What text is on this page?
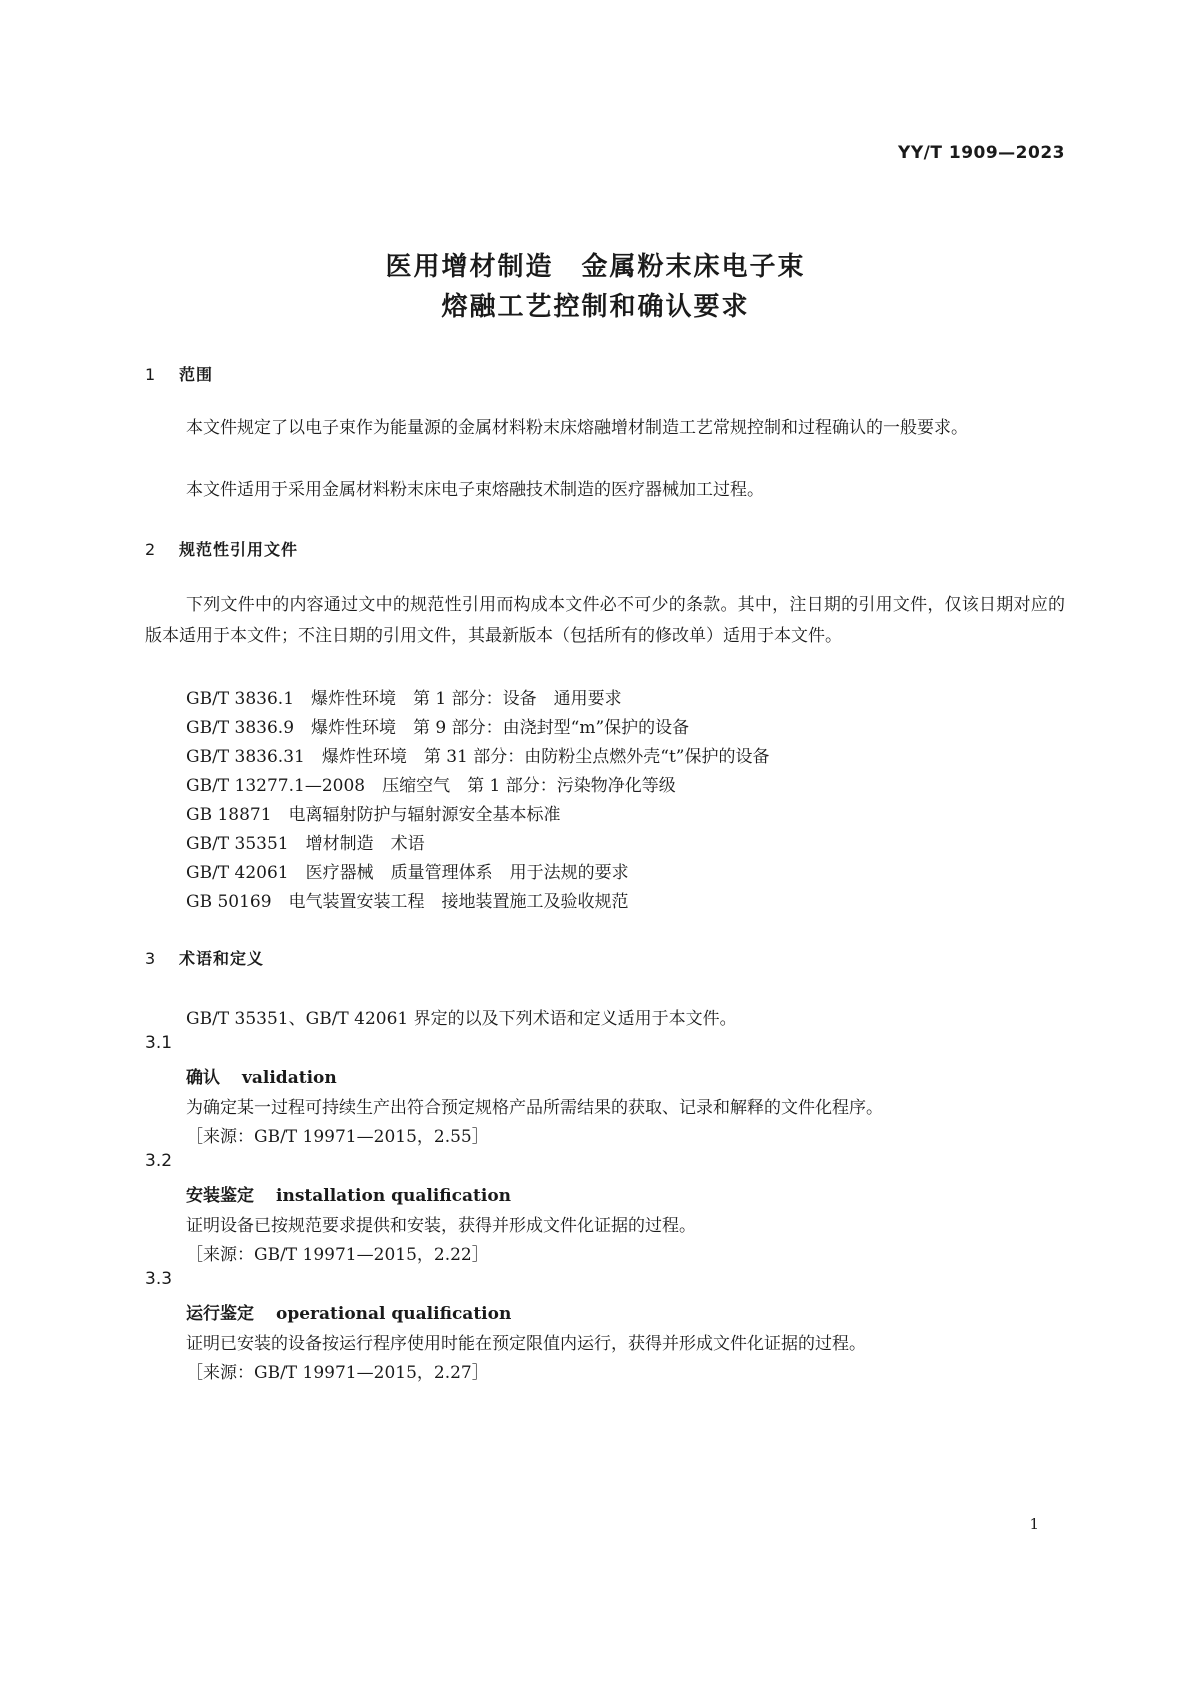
YY/T 1909—2023
医用增材制造　金属粉末床电子束
熔融工艺控制和确认要求
1 范围
本文件规定了以电子束作为能量源的金属材料粉末床熔融增材制造工艺常规控制和过程确认的一般要求。
本文件适用于采用金属材料粉末床电子束熔融技术制造的医疗器械加工过程。
2 规范性引用文件
下列文件中的内容通过文中的规范性引用而构成本文件必不可少的条款。其中，注日期的引用文件，仅该日期对应的版本适用于本文件；不注日期的引用文件，其最新版本（包括所有的修改单）适用于本文件。
GB/T 3836.1　爆炸性环境　第 1 部分：设备　通用要求
GB/T 3836.9　爆炸性环境　第 9 部分：由浇封型“m”保护的设备
GB/T 3836.31　爆炸性环境　第 31 部分：由防粉尘点燃外壳“t”保护的设备
GB/T 13277.1—2008　压缩空气　第 1 部分：污染物净化等级
GB 18871　电离辐射防护与辐射源安全基本标准
GB/T 35351　增材制造　术语
GB/T 42061　医疗器械　质量管理体系　用于法规的要求
GB 50169　电气装置安装工程　接地装置施工及验收规范
3 术语和定义
GB/T 35351、GB/T 42061 界定的以及下列术语和定义适用于本文件。
3.1
确认 validation
为确定某一过程可持续生产出符合预定规格产品所需结果的获取、记录和解释的文件化程序。
［来源：GB/T 19971—2015，2.55］
3.2
安装鉴定 installation qualification
证明设备已按规范要求提供和安装，获得并形成文件化证据的过程。
［来源：GB/T 19971—2015，2.22］
3.3
运行鉴定 operational qualification
证明已安装的设备按运行程序使用时能在预定限值内运行，获得并形成文件化证据的过程。
［来源：GB/T 19971—2015，2.27］
1
